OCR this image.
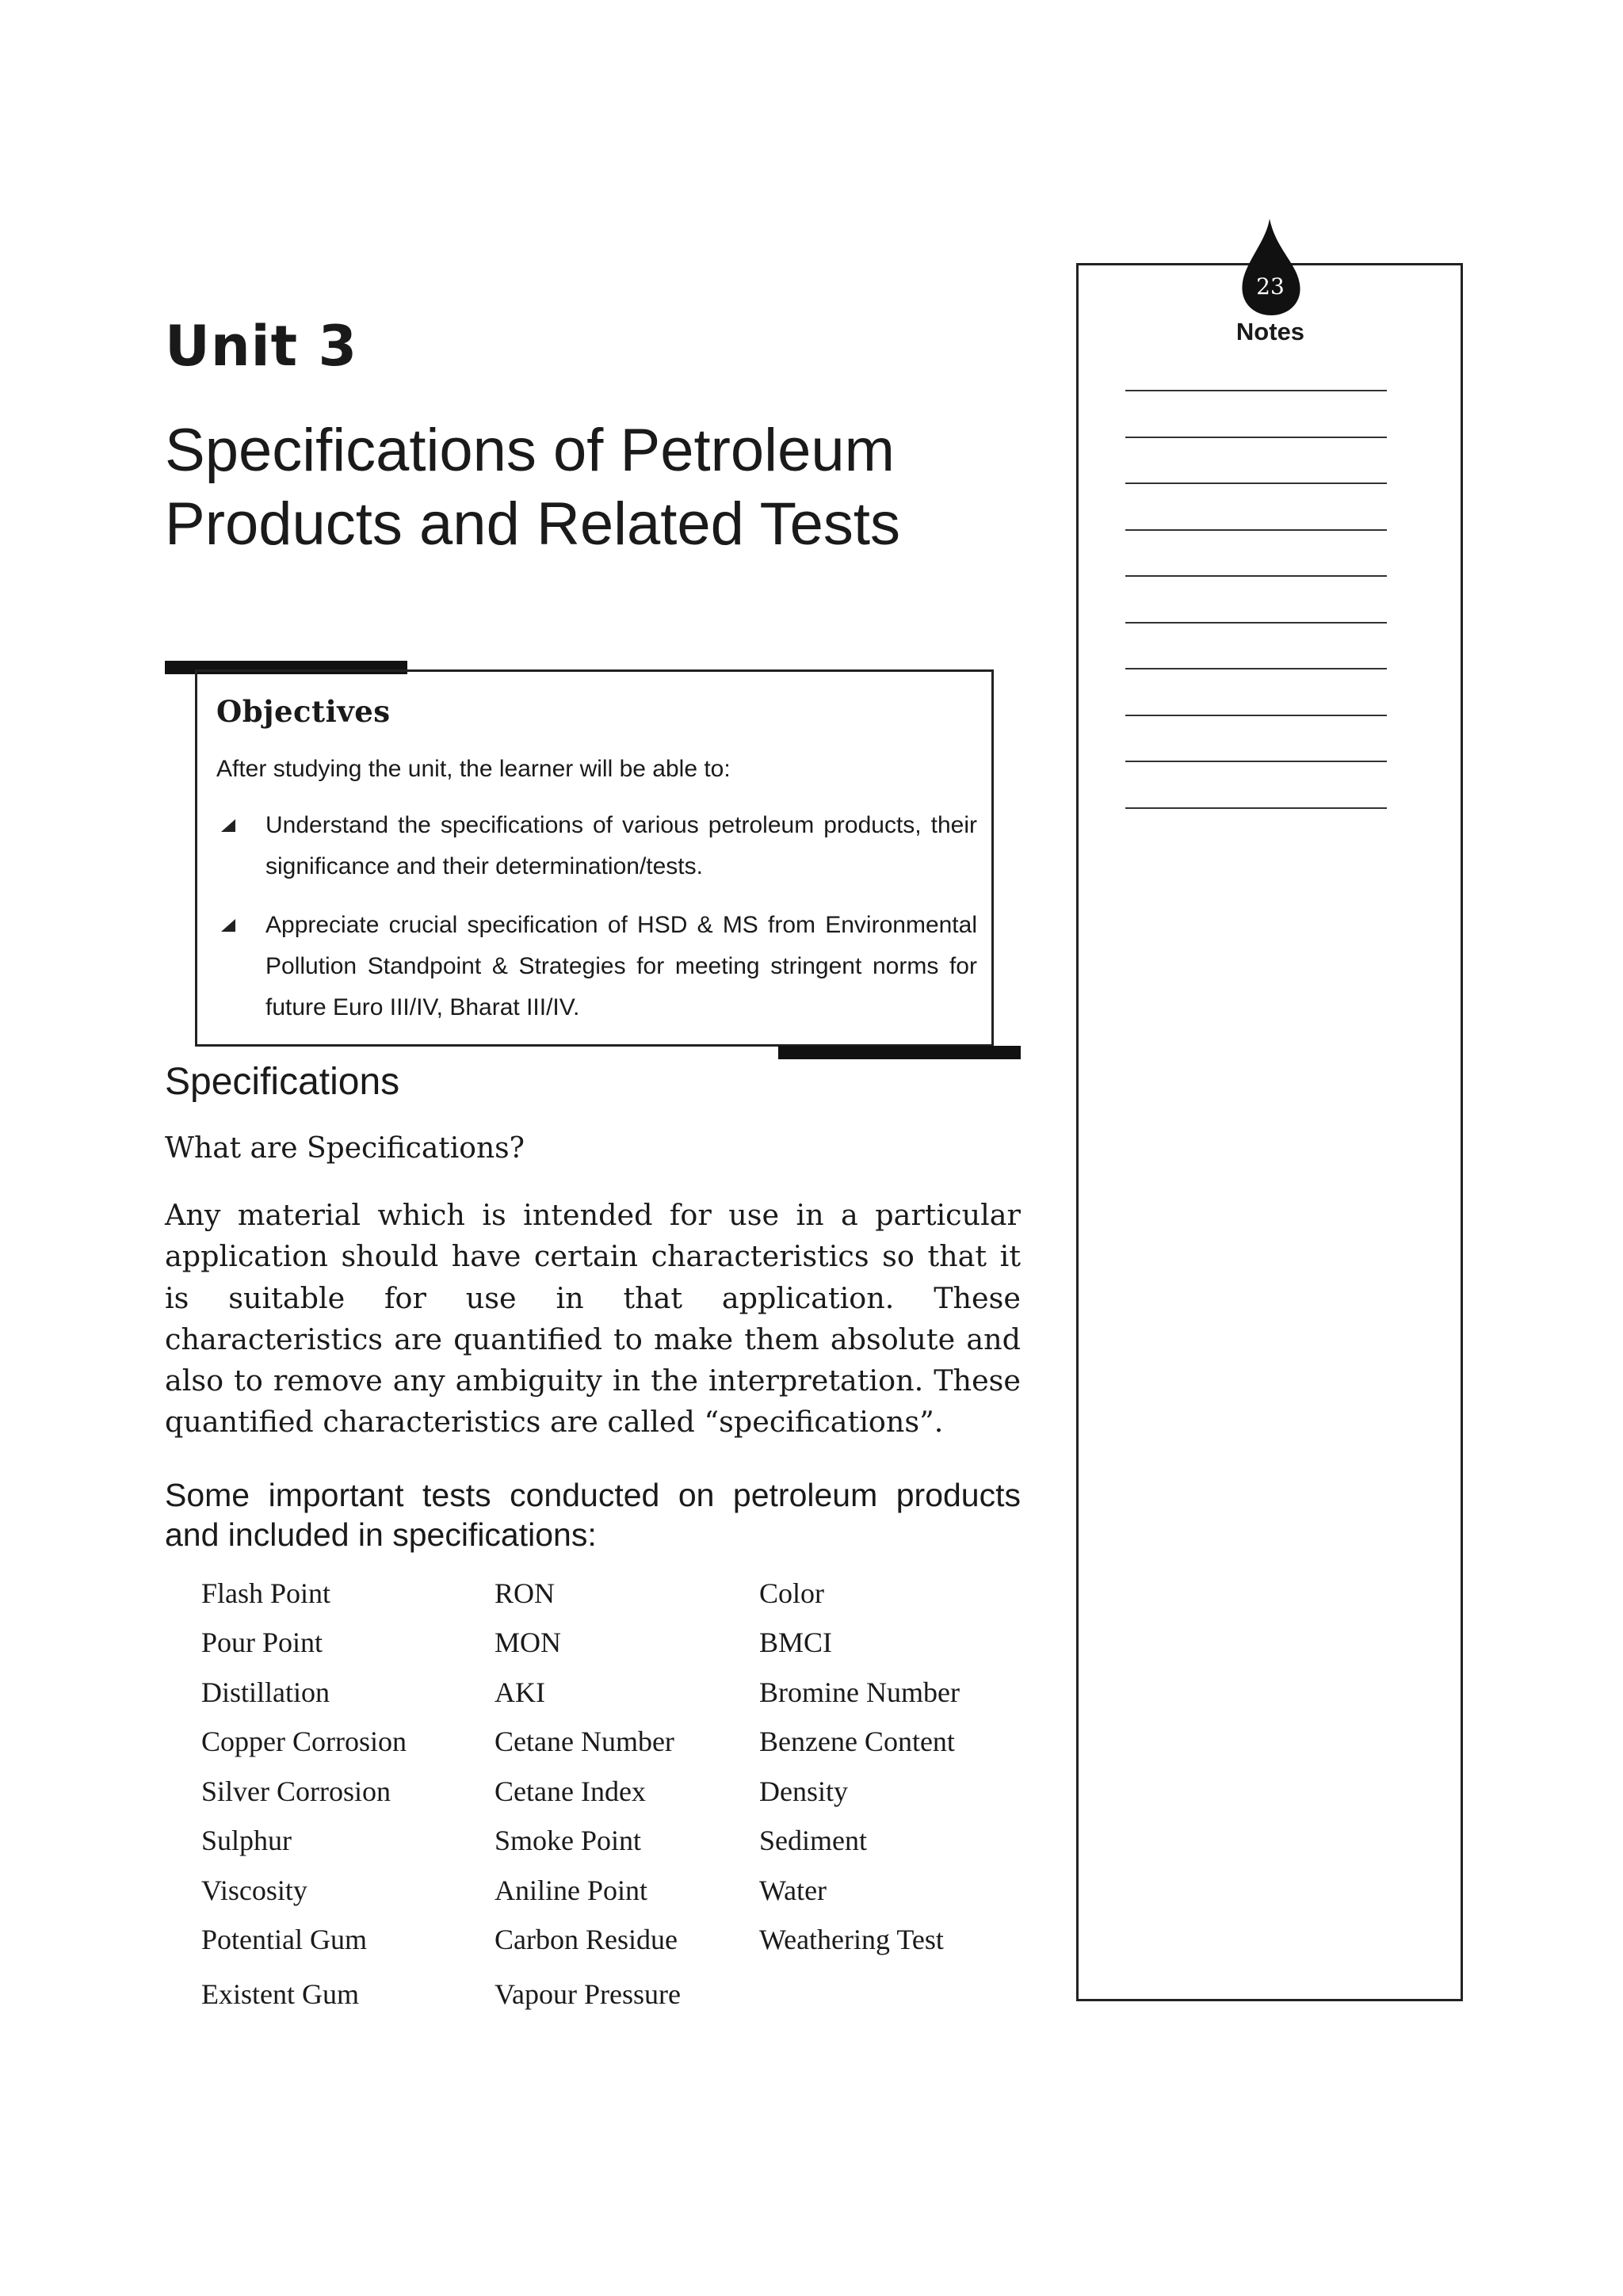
Unit 3
Specifications of Petroleum Products and Related Tests
Objectives
After studying the unit, the learner will be able to:
Understand the specifications of various petroleum products, their significance and their determination/tests.
Appreciate crucial specification of HSD & MS from Environmental Pollution Standpoint & Strategies for meeting stringent norms for future Euro III/IV, Bharat III/IV.
Specifications

What are Specifications?

Any material which is intended for use in a particular application should have certain characteristics so that it is suitable for use in that application. These characteristics are quantified to make them absolute and also to remove any ambiguity in the interpretation. These quantified characteristics are called “specifications”.

Some important tests conducted on petroleum products and included in specifications:

Flash Point
Pour Point
Distillation
Copper Corrosion
Silver Corrosion
Sulphur
Viscosity
Potential Gum
Existent Gum
RON
MON
AKI
Cetane Number
Cetane Index
Smoke Point
Aniline Point
Carbon Residue
Vapour Pressure
Color
BMCI
Bromine Number
Benzene Content
Density
Sediment
Water
Weathering Test
23
Notes
